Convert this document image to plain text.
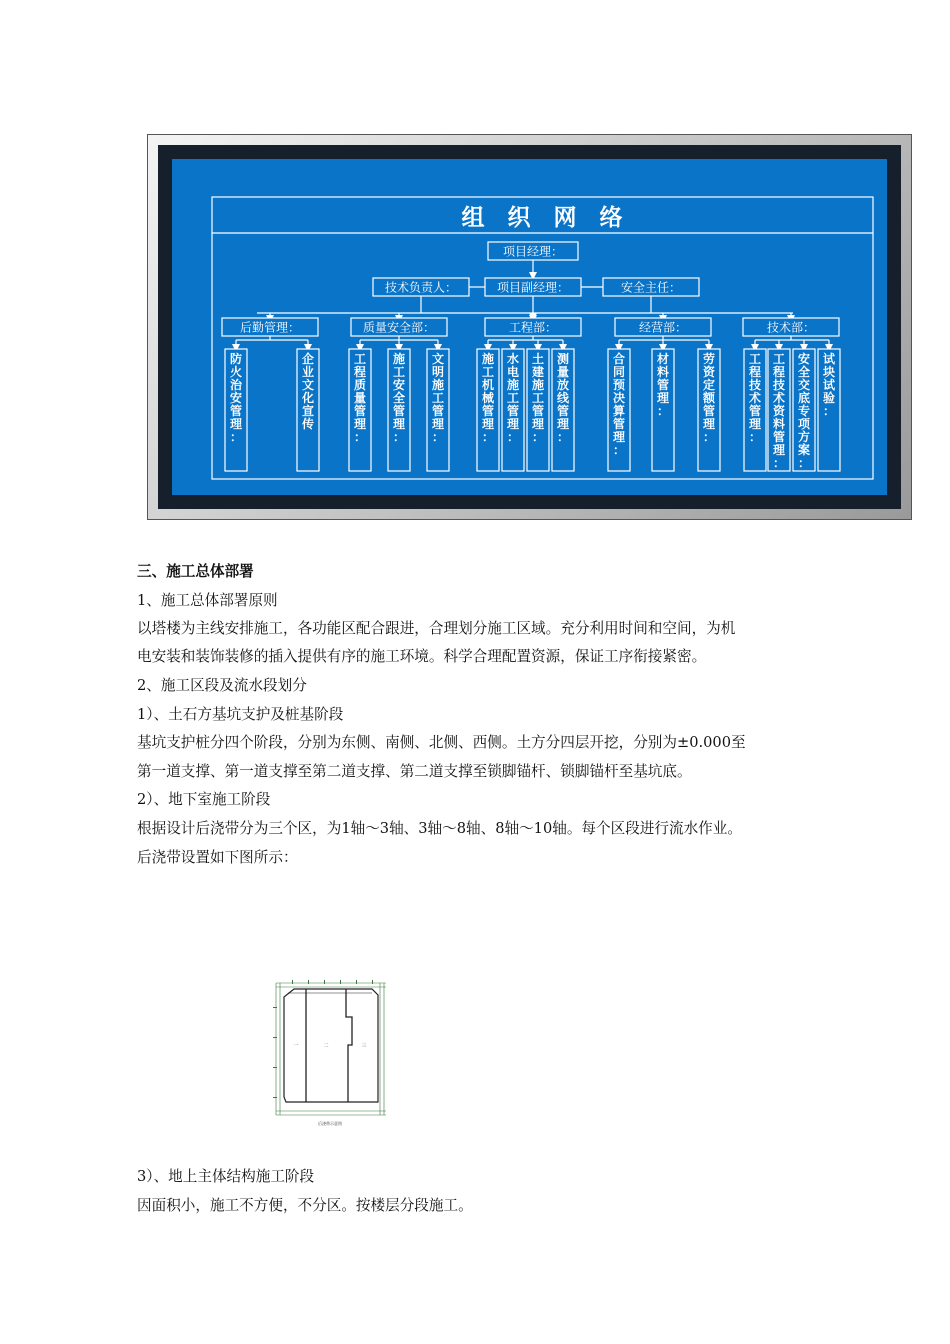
组　织　网　络
项目经理：
技术负责人：	项目副经理：	安全主任：
后勤管理：
防火治安管理：
企业文化宣传
质量安全部：
工程质量管理：
施工安全管理：
文明施工管理：
工程部：
施工机械管理：
水电施工管理：
土建施工管理：
测量放线管理：
经营部：
合同预决算管理：
材料管理：
劳资定额管理：
技术部：
工程技术管理：
工程技术资料管理：
安全交底专项方案：
试块试验：
三、施工总体部署
1、施工总体部署原则
以塔楼为主线安排施工，各功能区配合跟进，合理划分施工区域。充分利用时间和空间，为机
电安装和装饰装修的插入提供有序的施工环境。科学合理配置资源，保证工序衔接紧密。
2、施工区段及流水段划分
1）、土石方基坑支护及桩基阶段
基坑支护桩分四个阶段，分别为东侧、南侧、北侧、西侧。土方分四层开挖，分别为±0.000至
第一道支撑、第一道支撑至第二道支撑、第二道支撑至锁脚锚杆、锁脚锚杆至基坑底。
2）、地下室施工阶段
根据设计后浇带分为三个区，为1轴～3轴、3轴～8轴、8轴～10轴。每个区段进行流水作业。
后浇带设置如下图所示：
3）、地上主体结构施工阶段
因面积小，施工不方便，不分区。按楼层分段施工。
一	二	三
后浇带示意图
